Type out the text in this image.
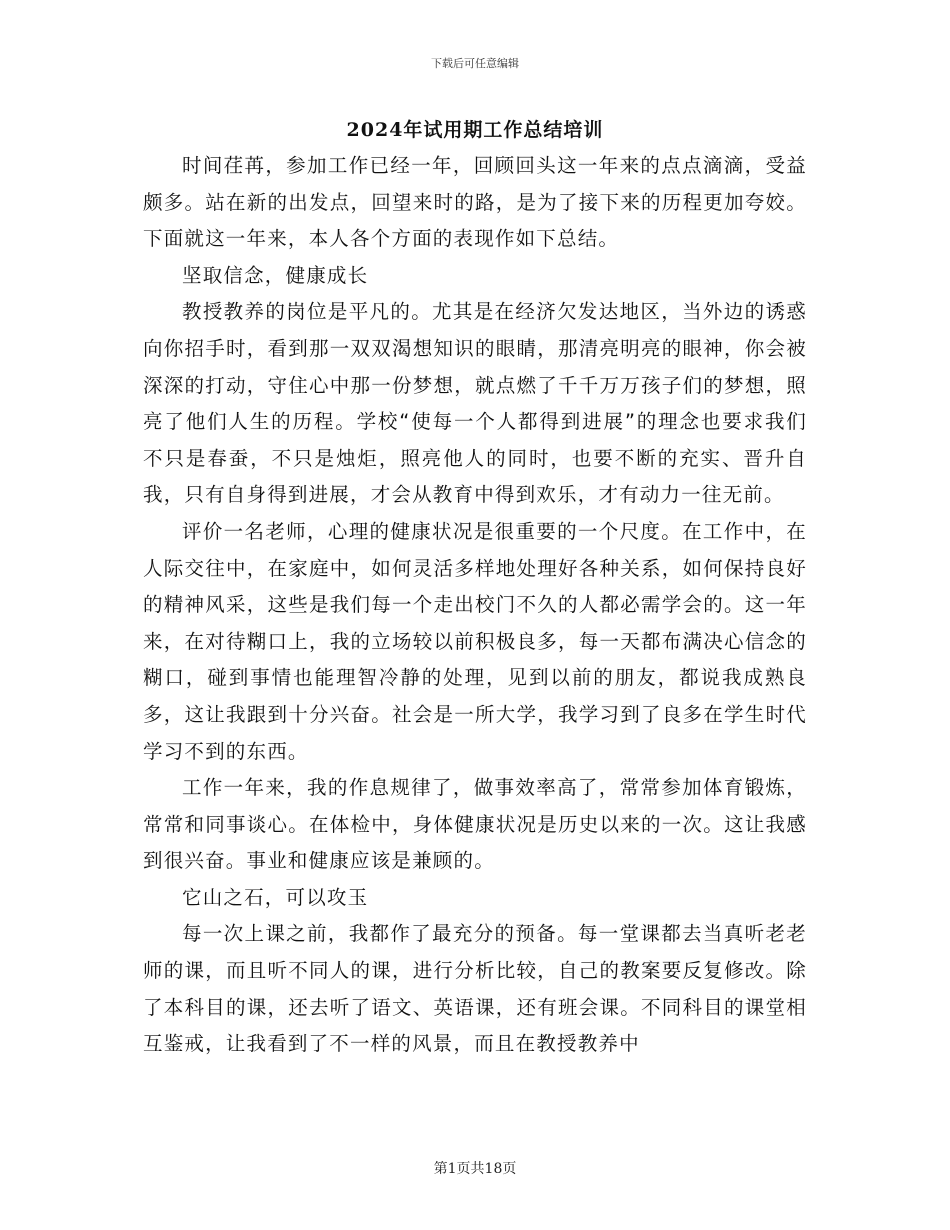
下载后可任意编辑
2024年试用期工作总结培训

时间荏苒，参加工作已经一年，回顾回头这一年来的点点滴滴，受益颇多。站在新的出发点，回望来时的路，是为了接下来的历程更加夸姣。下面就这一年来，本人各个方面的表现作如下总结。

坚取信念，健康成长

教授教养的岗位是平凡的。尤其是在经济欠发达地区，当外边的诱惑向你招手时，看到那一双双渴想知识的眼睛，那清亮明亮的眼神，你会被深深的打动，守住心中那一份梦想，就点燃了千千万万孩子们的梦想，照亮了他们人生的历程。学校“使每一个人都得到进展”的理念也要求我们不只是春蚕，不只是烛炬，照亮他人的同时，也要不断的充实、晋升自我，只有自身得到进展，才会从教育中得到欢乐，才有动力一往无前。

评价一名老师，心理的健康状况是很重要的一个尺度。在工作中，在人际交往中，在家庭中，如何灵活多样地处理好各种关系，如何保持良好的精神风采，这些是我们每一个走出校门不久的人都必需学会的。这一年来，在对待糊口上，我的立场较以前积极良多，每一天都布满决心信念的糊口，碰到事情也能理智冷静的处理，见到以前的朋友，都说我成熟良多，这让我跟到十分兴奋。社会是一所大学，我学习到了良多在学生时代学习不到的东西。

工作一年来，我的作息规律了，做事效率高了，常常参加体育锻炼，常常和同事谈心。在体检中，身体健康状况是历史以来的一次。这让我感到很兴奋。事业和健康应该是兼顾的。

它山之石，可以攻玉

每一次上课之前，我都作了最充分的预备。每一堂课都去当真听老老师的课，而且听不同人的课，进行分析比较，自己的教案要反复修改。除了本科目的课，还去听了语文、英语课，还有班会课。不同科目的课堂相互鉴戒，让我看到了不一样的风景，而且在教授教养中

第1页共18页
